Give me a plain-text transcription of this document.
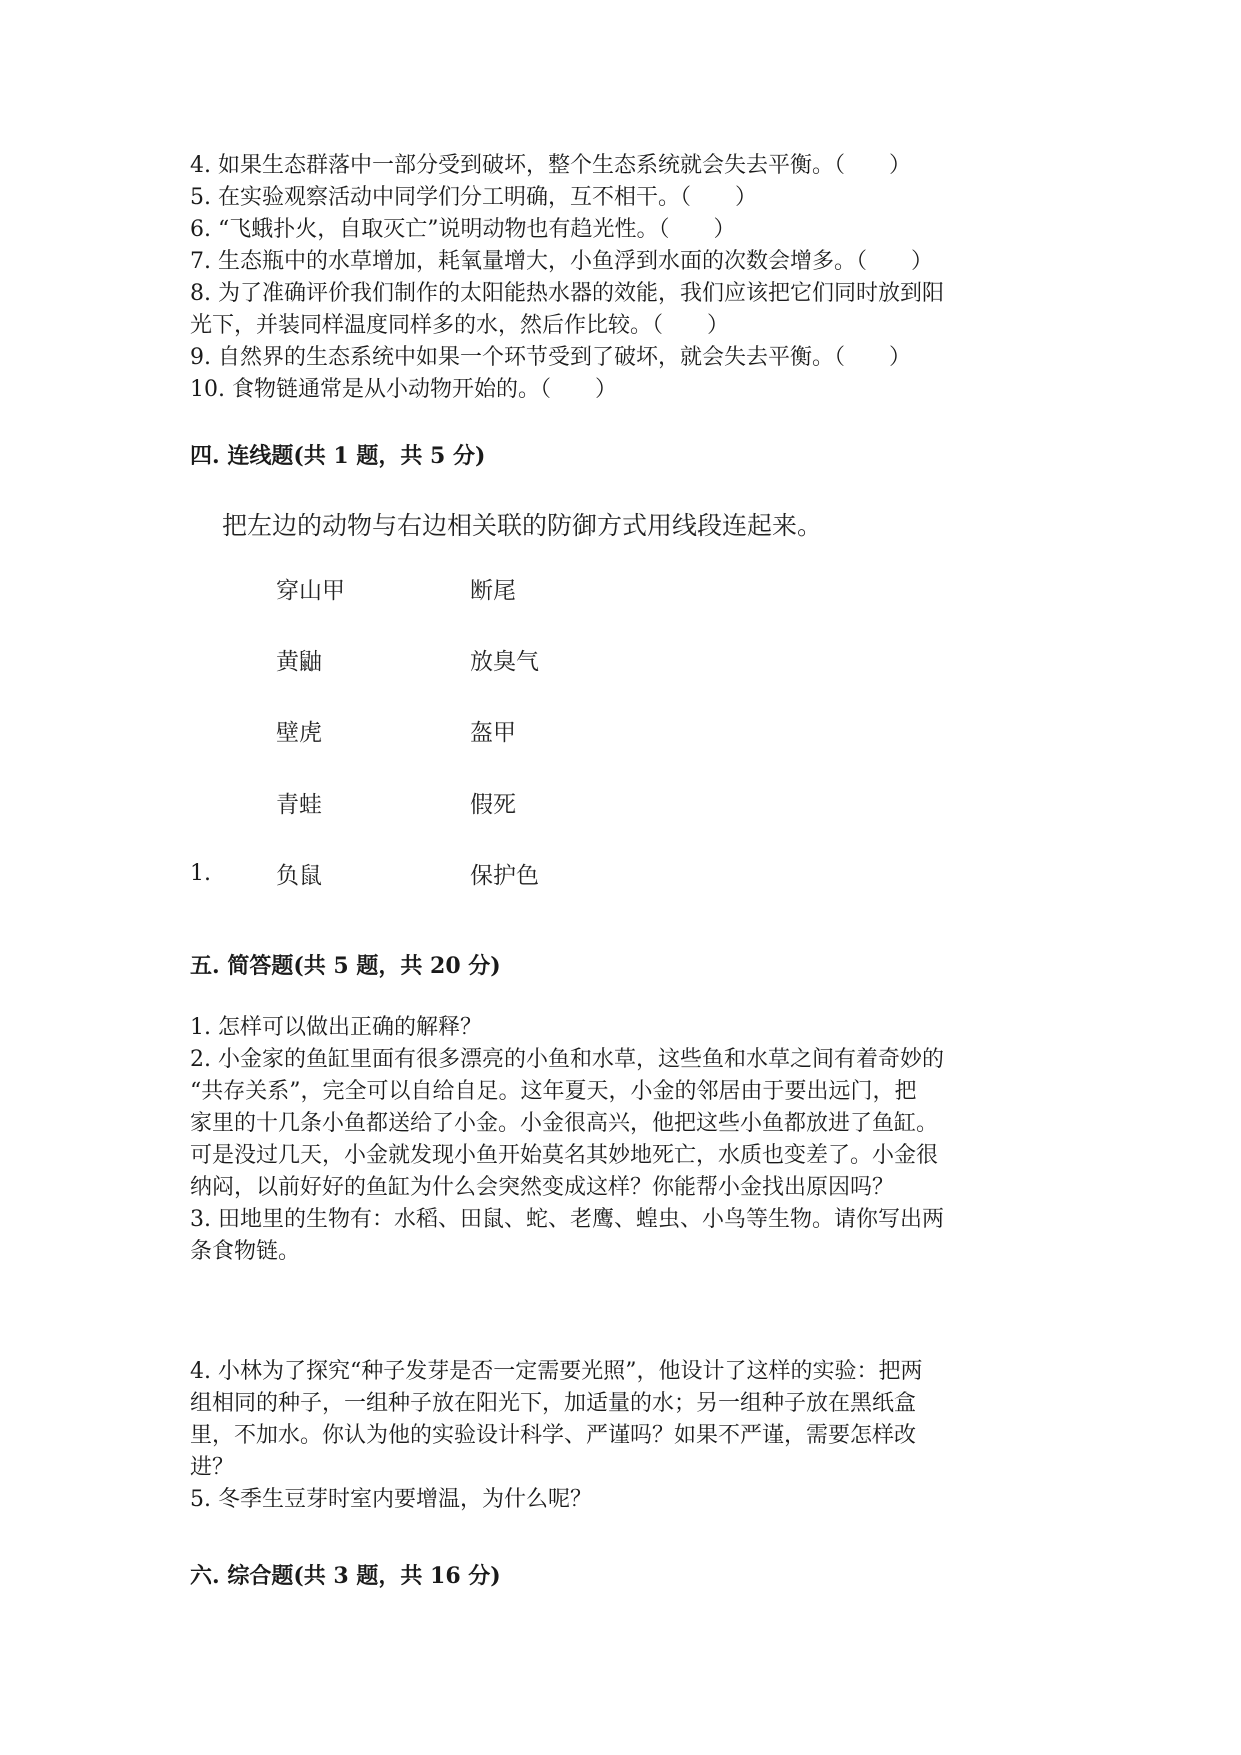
4. 如果生态群落中一部分受到破坏，整个生态系统就会失去平衡。（　　）
5. 在实验观察活动中同学们分工明确，互不相干。（　　）
6. “飞蛾扑火，自取灭亡”说明动物也有趋光性。（　　）
7. 生态瓶中的水草增加，耗氧量增大，小鱼浮到水面的次数会增多。（　　）
8. 为了准确评价我们制作的太阳能热水器的效能，我们应该把它们同时放到阳
光下，并装同样温度同样多的水，然后作比较。（　　）
9. 自然界的生态系统中如果一个环节受到了破坏，就会失去平衡。（　　）
10. 食物链通常是从小动物开始的。（　　）
四. 连线题(共 1 题，共 5 分)
把左边的动物与右边相关联的防御方式用线段连起来。
穿山甲
黄鼬
壁虎
青蛙
负鼠
断尾
放臭气
盔甲
假死
保护色
1.
五. 简答题(共 5 题，共 20 分)
1. 怎样可以做出正确的解释？
2. 小金家的鱼缸里面有很多漂亮的小鱼和水草，这些鱼和水草之间有着奇妙的
“共存关系”，完全可以自给自足。这年夏天，小金的邻居由于要出远门，把
家里的十几条小鱼都送给了小金。小金很高兴，他把这些小鱼都放进了鱼缸。
可是没过几天，小金就发现小鱼开始莫名其妙地死亡，水质也变差了。小金很
纳闷，以前好好的鱼缸为什么会突然变成这样？你能帮小金找出原因吗？
3. 田地里的生物有：水稻、田鼠、蛇、老鹰、蝗虫、小鸟等生物。请你写出两
条食物链。
4. 小林为了探究“种子发芽是否一定需要光照”，他设计了这样的实验：把两
组相同的种子，一组种子放在阳光下，加适量的水；另一组种子放在黑纸盒
里，不加水。你认为他的实验设计科学、严谨吗？如果不严谨，需要怎样改
进？
5. 冬季生豆芽时室内要增温，为什么呢？
六. 综合题(共 3 题，共 16 分)
